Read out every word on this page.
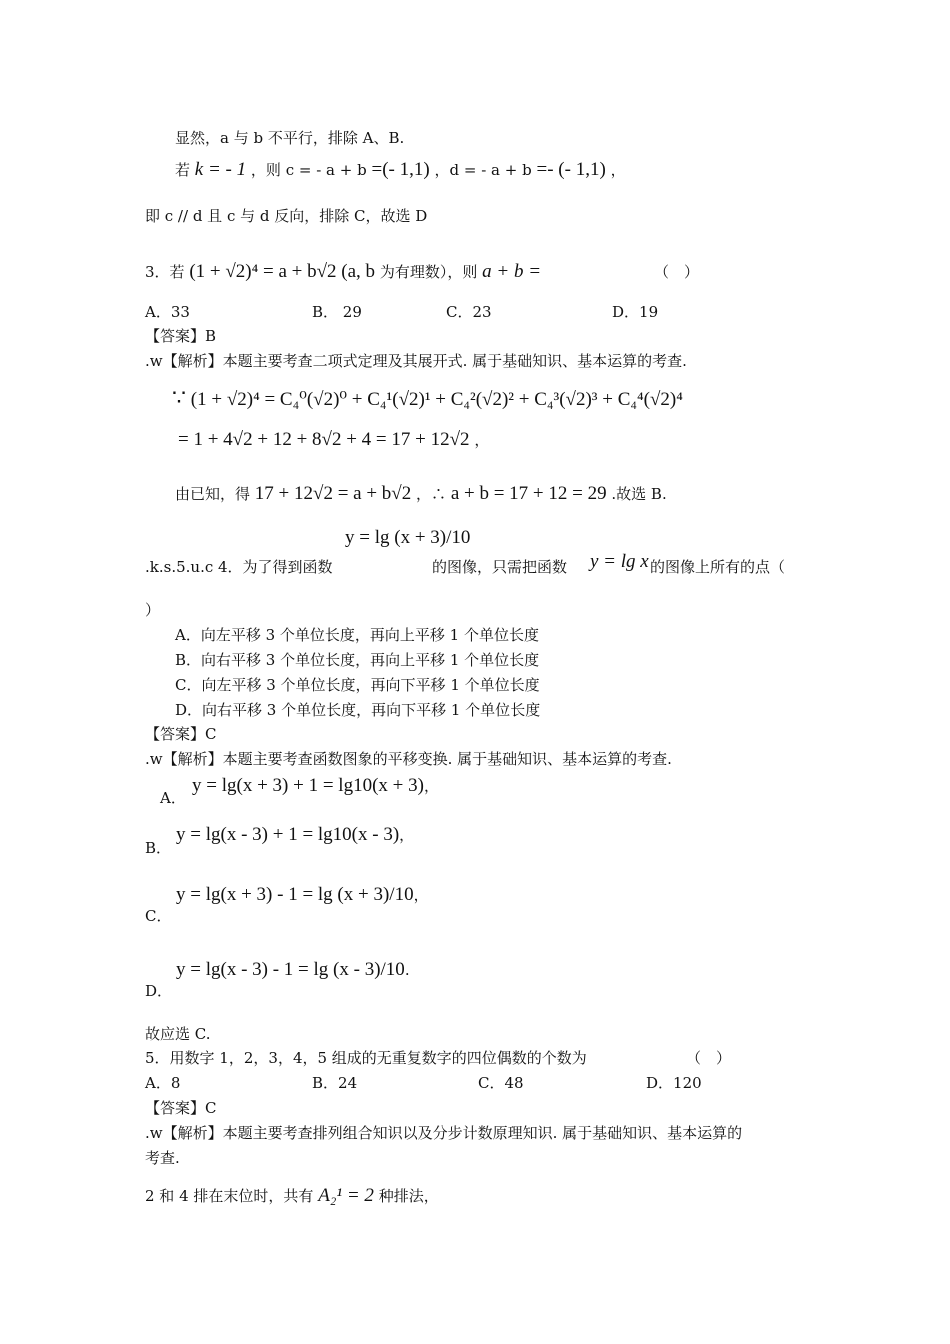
显然，a 与 b 不平行，排除 A、B.
若 k = - 1 ，则 c = - a + b =(- 1,1) ，d = - a + b =- (- 1,1) ，
即 c // d 且 c 与 d 反向，排除 C，故选 D
3．若 (1 + √2)⁴ = a + b√2 (a, b 为有理数），则 a + b =	（　）
A．33	B． 29	C．23	D．19
【答案】B
.w【解析】本题主要考查二项式定理及其展开式. 属于基础知识、基本运算的考查.
∵ (1 + √2)⁴ = C₄⁰(√2)⁰ + C₄¹(√2)¹ + C₄²(√2)² + C₄³(√2)³ + C₄⁴(√2)⁴
= 1 + 4√2 + 12 + 8√2 + 4 = 17 + 12√2 ，
由已知，得 17 + 12√2 = a + b√2 ，∴ a + b = 17 + 12 = 29 .故选 B.
.k.s.5.u.c 4．为了得到函数
y = lg (x + 3)/10
的图像，只需把函数 y = lg x 的图像上所有的点（
）
A．向左平移 3 个单位长度，再向上平移 1 个单位长度
B．向右平移 3 个单位长度，再向上平移 1 个单位长度
C．向左平移 3 个单位长度，再向下平移 1 个单位长度
D．向右平移 3 个单位长度，再向下平移 1 个单位长度
【答案】C
.w【解析】本题主要考查函数图象的平移变换. 属于基础知识、基本运算的考查.
A．
y = lg(x + 3) + 1 = lg10(x + 3)，
B．
y = lg(x - 3) + 1 = lg10(x - 3)，
C．
y = lg(x + 3) - 1 = lg (x + 3)/10，
D．
y = lg(x - 3) - 1 = lg (x - 3)/10.
故应选 C.
5．用数字 1，2，3，4，5 组成的无重复数字的四位偶数的个数为	（　）
A．8	B．24	C．48	D．120
【答案】C
.w【解析】本题主要考查排列组合知识以及分步计数原理知识. 属于基础知识、基本运算的
考查.
2 和 4 排在末位时，共有 A₂¹ = 2 种排法，
